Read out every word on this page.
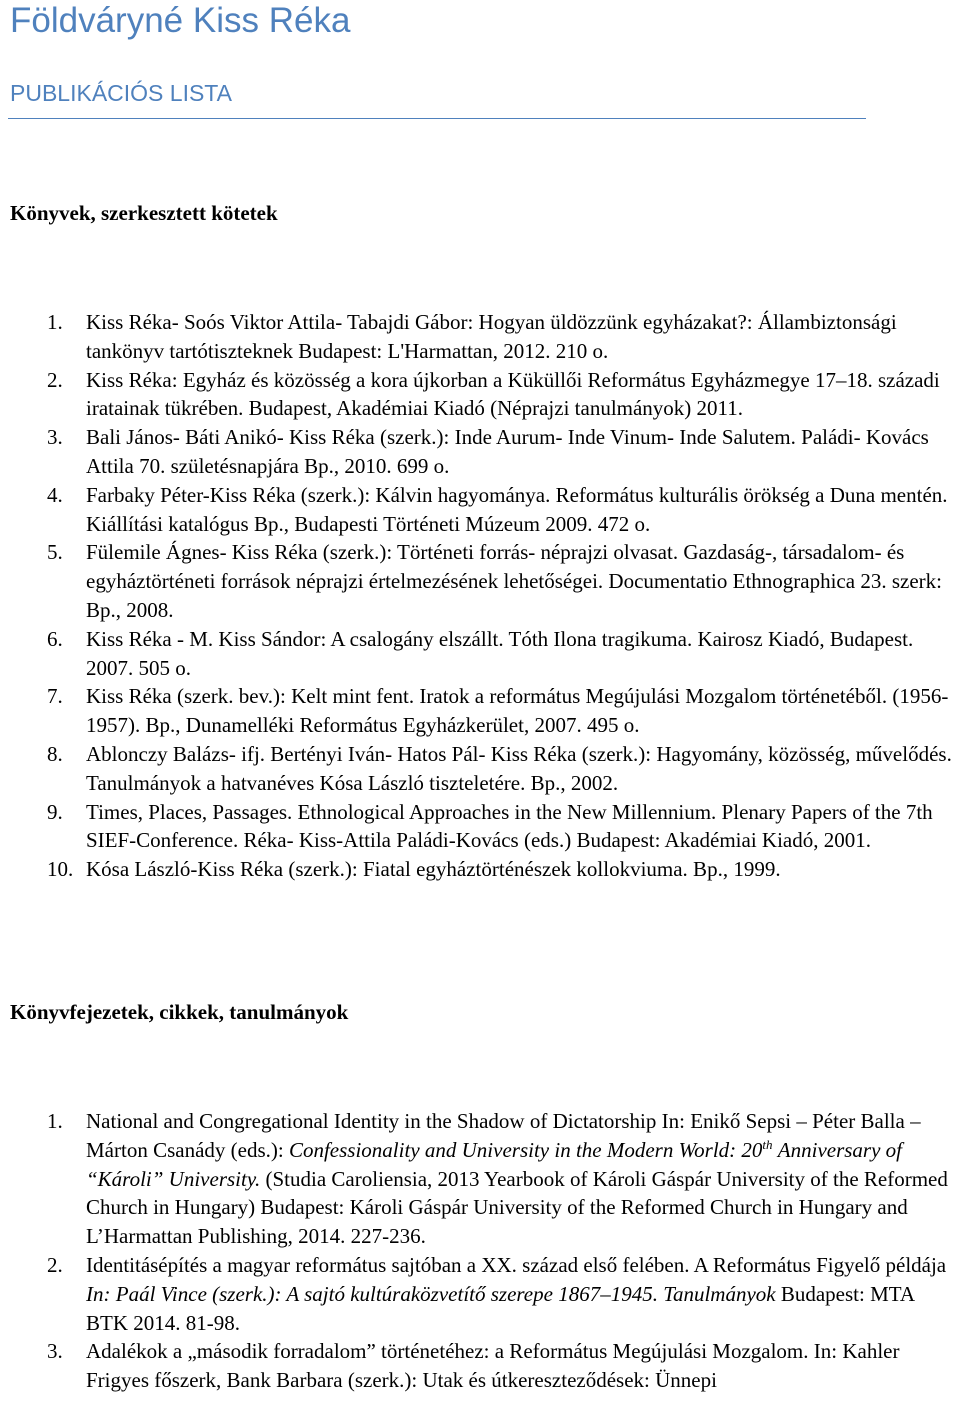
Földváryné Kiss Réka
PUBLIKÁCIÓS LISTA
Könyvek, szerkesztett kötetek
1. Kiss Réka- Soós Viktor Attila- Tabajdi Gábor: Hogyan üldözzünk egyházakat?: Állambiztonsági tankönyv tartótiszteknek Budapest: L'Harmattan, 2012. 210 o.
2. Kiss Réka: Egyház és közösség a kora újkorban a Küküllői Református Egyházmegye 17–18. századi iratainak tükrében. Budapest, Akadémiai Kiadó (Néprajzi tanulmányok) 2011.
3. Bali János- Báti Anikó- Kiss Réka (szerk.): Inde Aurum- Inde Vinum- Inde Salutem. Paládi- Kovács Attila 70. születésnapjára Bp., 2010. 699 o.
4. Farbaky Péter-Kiss Réka (szerk.): Kálvin hagyománya. Református kulturális örökség a Duna mentén. Kiállítási katalógus Bp., Budapesti Történeti Múzeum 2009. 472 o.
5. Fülemile Ágnes- Kiss Réka (szerk.): Történeti forrás- néprajzi olvasat. Gazdaság-, társadalom- és egyháztörténeti források néprajzi értelmezésének lehetőségei. Documentatio Ethnographica 23. szerk: Bp., 2008.
6. Kiss Réka - M. Kiss Sándor: A csalogány elszállt. Tóth Ilona tragikuma. Kairosz Kiadó, Budapest. 2007. 505 o.
7. Kiss Réka (szerk. bev.): Kelt mint fent. Iratok a református Megújulási Mozgalom történetéből. (1956-1957). Bp., Dunamelléki Református Egyházkerület, 2007. 495 o.
8. Ablonczy Balázs- ifj. Bertényi Iván- Hatos Pál- Kiss Réka (szerk.): Hagyomány, közösség, művelődés. Tanulmányok a hatvanéves Kósa László tiszteletére. Bp., 2002.
9. Times, Places, Passages. Ethnological Approaches in the New Millennium. Plenary Papers of the 7th SIEF-Conference. Réka- Kiss-Attila Paládi-Kovács (eds.) Budapest: Akadémiai Kiadó, 2001.
10. Kósa László-Kiss Réka (szerk.): Fiatal egyháztörténészek kollokviuma. Bp., 1999.
Könyvfejezetek, cikkek, tanulmányok
1. National and Congregational Identity in the Shadow of Dictatorship In: Enikő Sepsi – Péter Balla – Márton Csanády (eds.): Confessionality and University in the Modern World: 20th Anniversary of “Károli” University. (Studia Caroliensia, 2013 Yearbook of Károli Gáspár University of the Reformed Church in Hungary) Budapest: Károli Gáspár University of the Reformed Church in Hungary and L’Harmattan Publishing, 2014. 227-236.
2. Identitásépítés a magyar református sajtóban a XX. század első felében. A Református Figyelő példája In: Paál Vince (szerk.): A sajtó kultúraközvetítő szerepe 1867–1945. Tanulmányok Budapest: MTA BTK 2014. 81-98.
3. Adalékok a „második forradalom” történetéhez: a Református Megújulási Mozgalom. In: Kahler Frigyes főszerk, Bank Barbara (szerk.): Utak és útkereszteződések: Ünnepi
